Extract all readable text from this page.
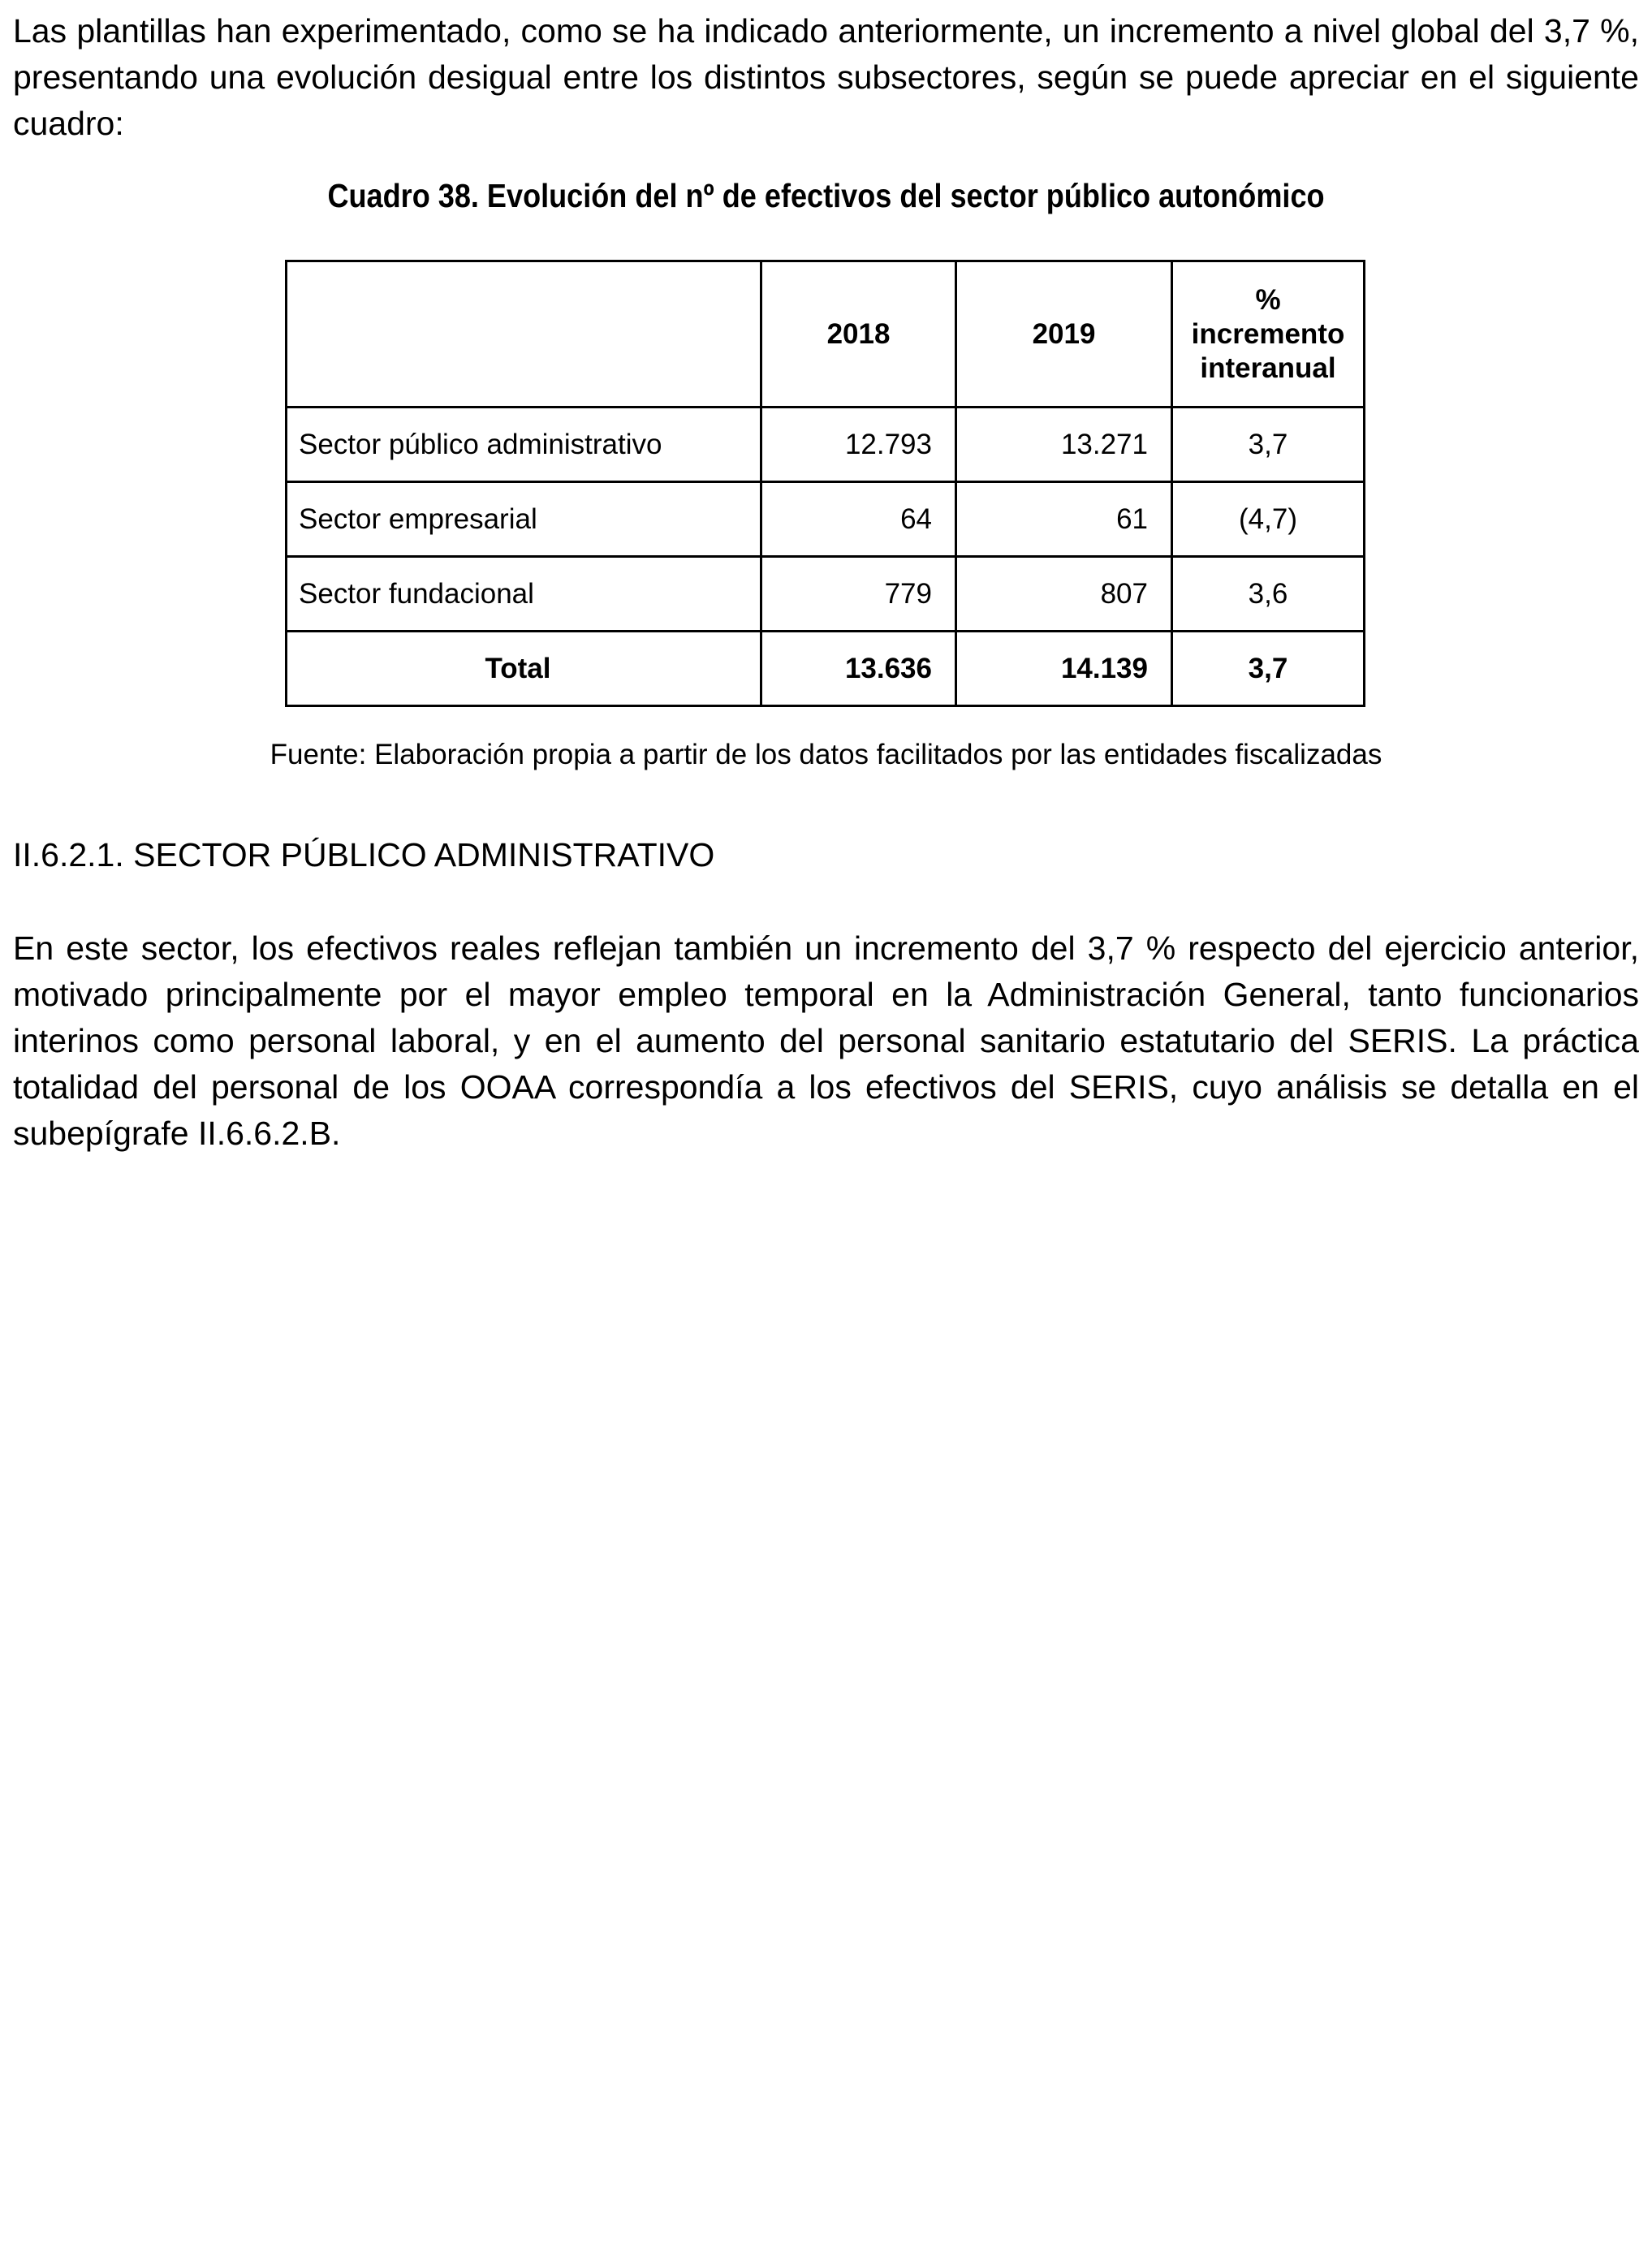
Las plantillas han experimentado, como se ha indicado anteriormente, un incremento a nivel global del 3,7 %, presentando una evolución desigual entre los distintos subsectores, según se puede apreciar en el siguiente cuadro:

Cuadro 38. Evolución del nº de efectivos del sector público autonómico
	2018	2019	% incremento interanual
Sector público administrativo	12.793	13.271	3,7
Sector empresarial	64	61	(4,7)
Sector fundacional	779	807	3,6
Total	13.636	14.139	3,7
Fuente: Elaboración propia a partir de los datos facilitados por las entidades fiscalizadas
II.6.2.1. SECTOR PÚBLICO ADMINISTRATIVO

En este sector, los efectivos reales reflejan también un incremento del 3,7 % respecto del ejercicio anterior, motivado principalmente por el mayor empleo temporal en la Administración General, tanto funcionarios interinos como personal laboral, y en el aumento del personal sanitario estatutario del SERIS. La práctica totalidad del personal de los OOAA correspondía a los efectivos del SERIS, cuyo análisis se detalla en el subepígrafe II.6.6.2.B.
